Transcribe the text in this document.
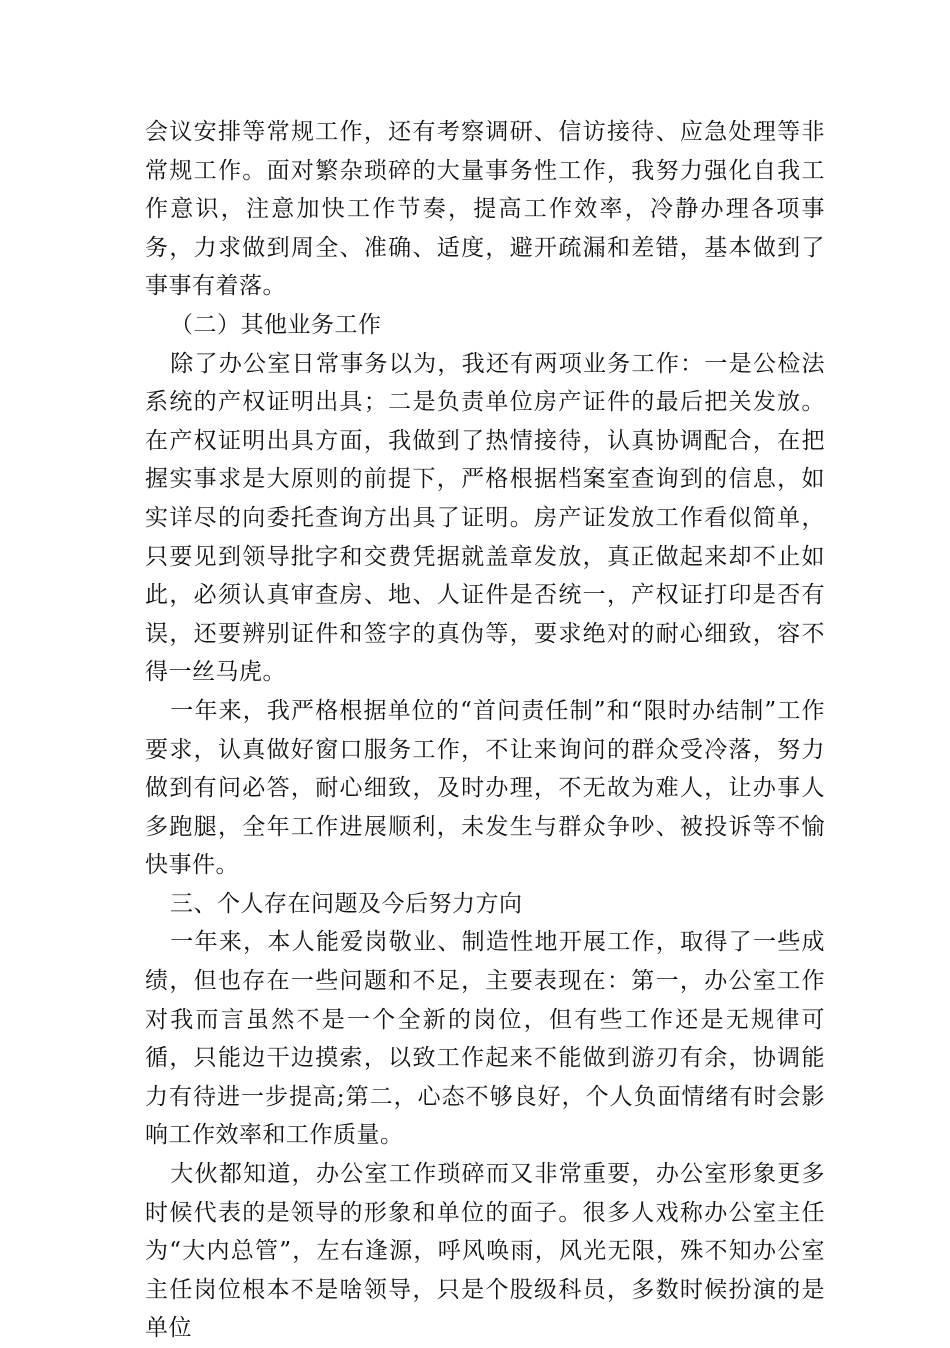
会议安排等常规工作，还有考察调研、信访接待、应急处理等非常规工作。面对繁杂琐碎的大量事务性工作，我努力强化自我工作意识，注意加快工作节奏，提高工作效率，冷静办理各项事务，力求做到周全、准确、适度，避开疏漏和差错，基本做到了事事有着落。

（二）其他业务工作

除了办公室日常事务以为，我还有两项业务工作：一是公检法系统的产权证明出具；二是负责单位房产证件的最后把关发放。在产权证明出具方面，我做到了热情接待，认真协调配合，在把握实事求是大原则的前提下，严格根据档案室查询到的信息，如实详尽的向委托查询方出具了证明。房产证发放工作看似简单，只要见到领导批字和交费凭据就盖章发放，真正做起来却不止如此，必须认真审查房、地、人证件是否统一，产权证打印是否有误，还要辨别证件和签字的真伪等，要求绝对的耐心细致，容不得一丝马虎。

一年来，我严格根据单位的“首问责任制”和“限时办结制”工作要求，认真做好窗口服务工作，不让来询问的群众受冷落，努力做到有问必答，耐心细致，及时办理，不无故为难人，让办事人多跑腿，全年工作进展顺利，未发生与群众争吵、被投诉等不愉快事件。

三、个人存在问题及今后努力方向

一年来，本人能爱岗敬业、制造性地开展工作，取得了一些成绩，但也存在一些问题和不足，主要表现在：第一，办公室工作对我而言虽然不是一个全新的岗位，但有些工作还是无规律可循，只能边干边摸索，以致工作起来不能做到游刃有余，协调能力有待进一步提高;第二，心态不够良好，个人负面情绪有时会影响工作效率和工作质量。

大伙都知道，办公室工作琐碎而又非常重要，办公室形象更多时候代表的是领导的形象和单位的面子。很多人戏称办公室主任为“大内总管”，左右逢源，呼风唤雨，风光无限，殊不知办公室主任岗位根本不是啥领导，只是个股级科员，多数时候扮演的是单位
